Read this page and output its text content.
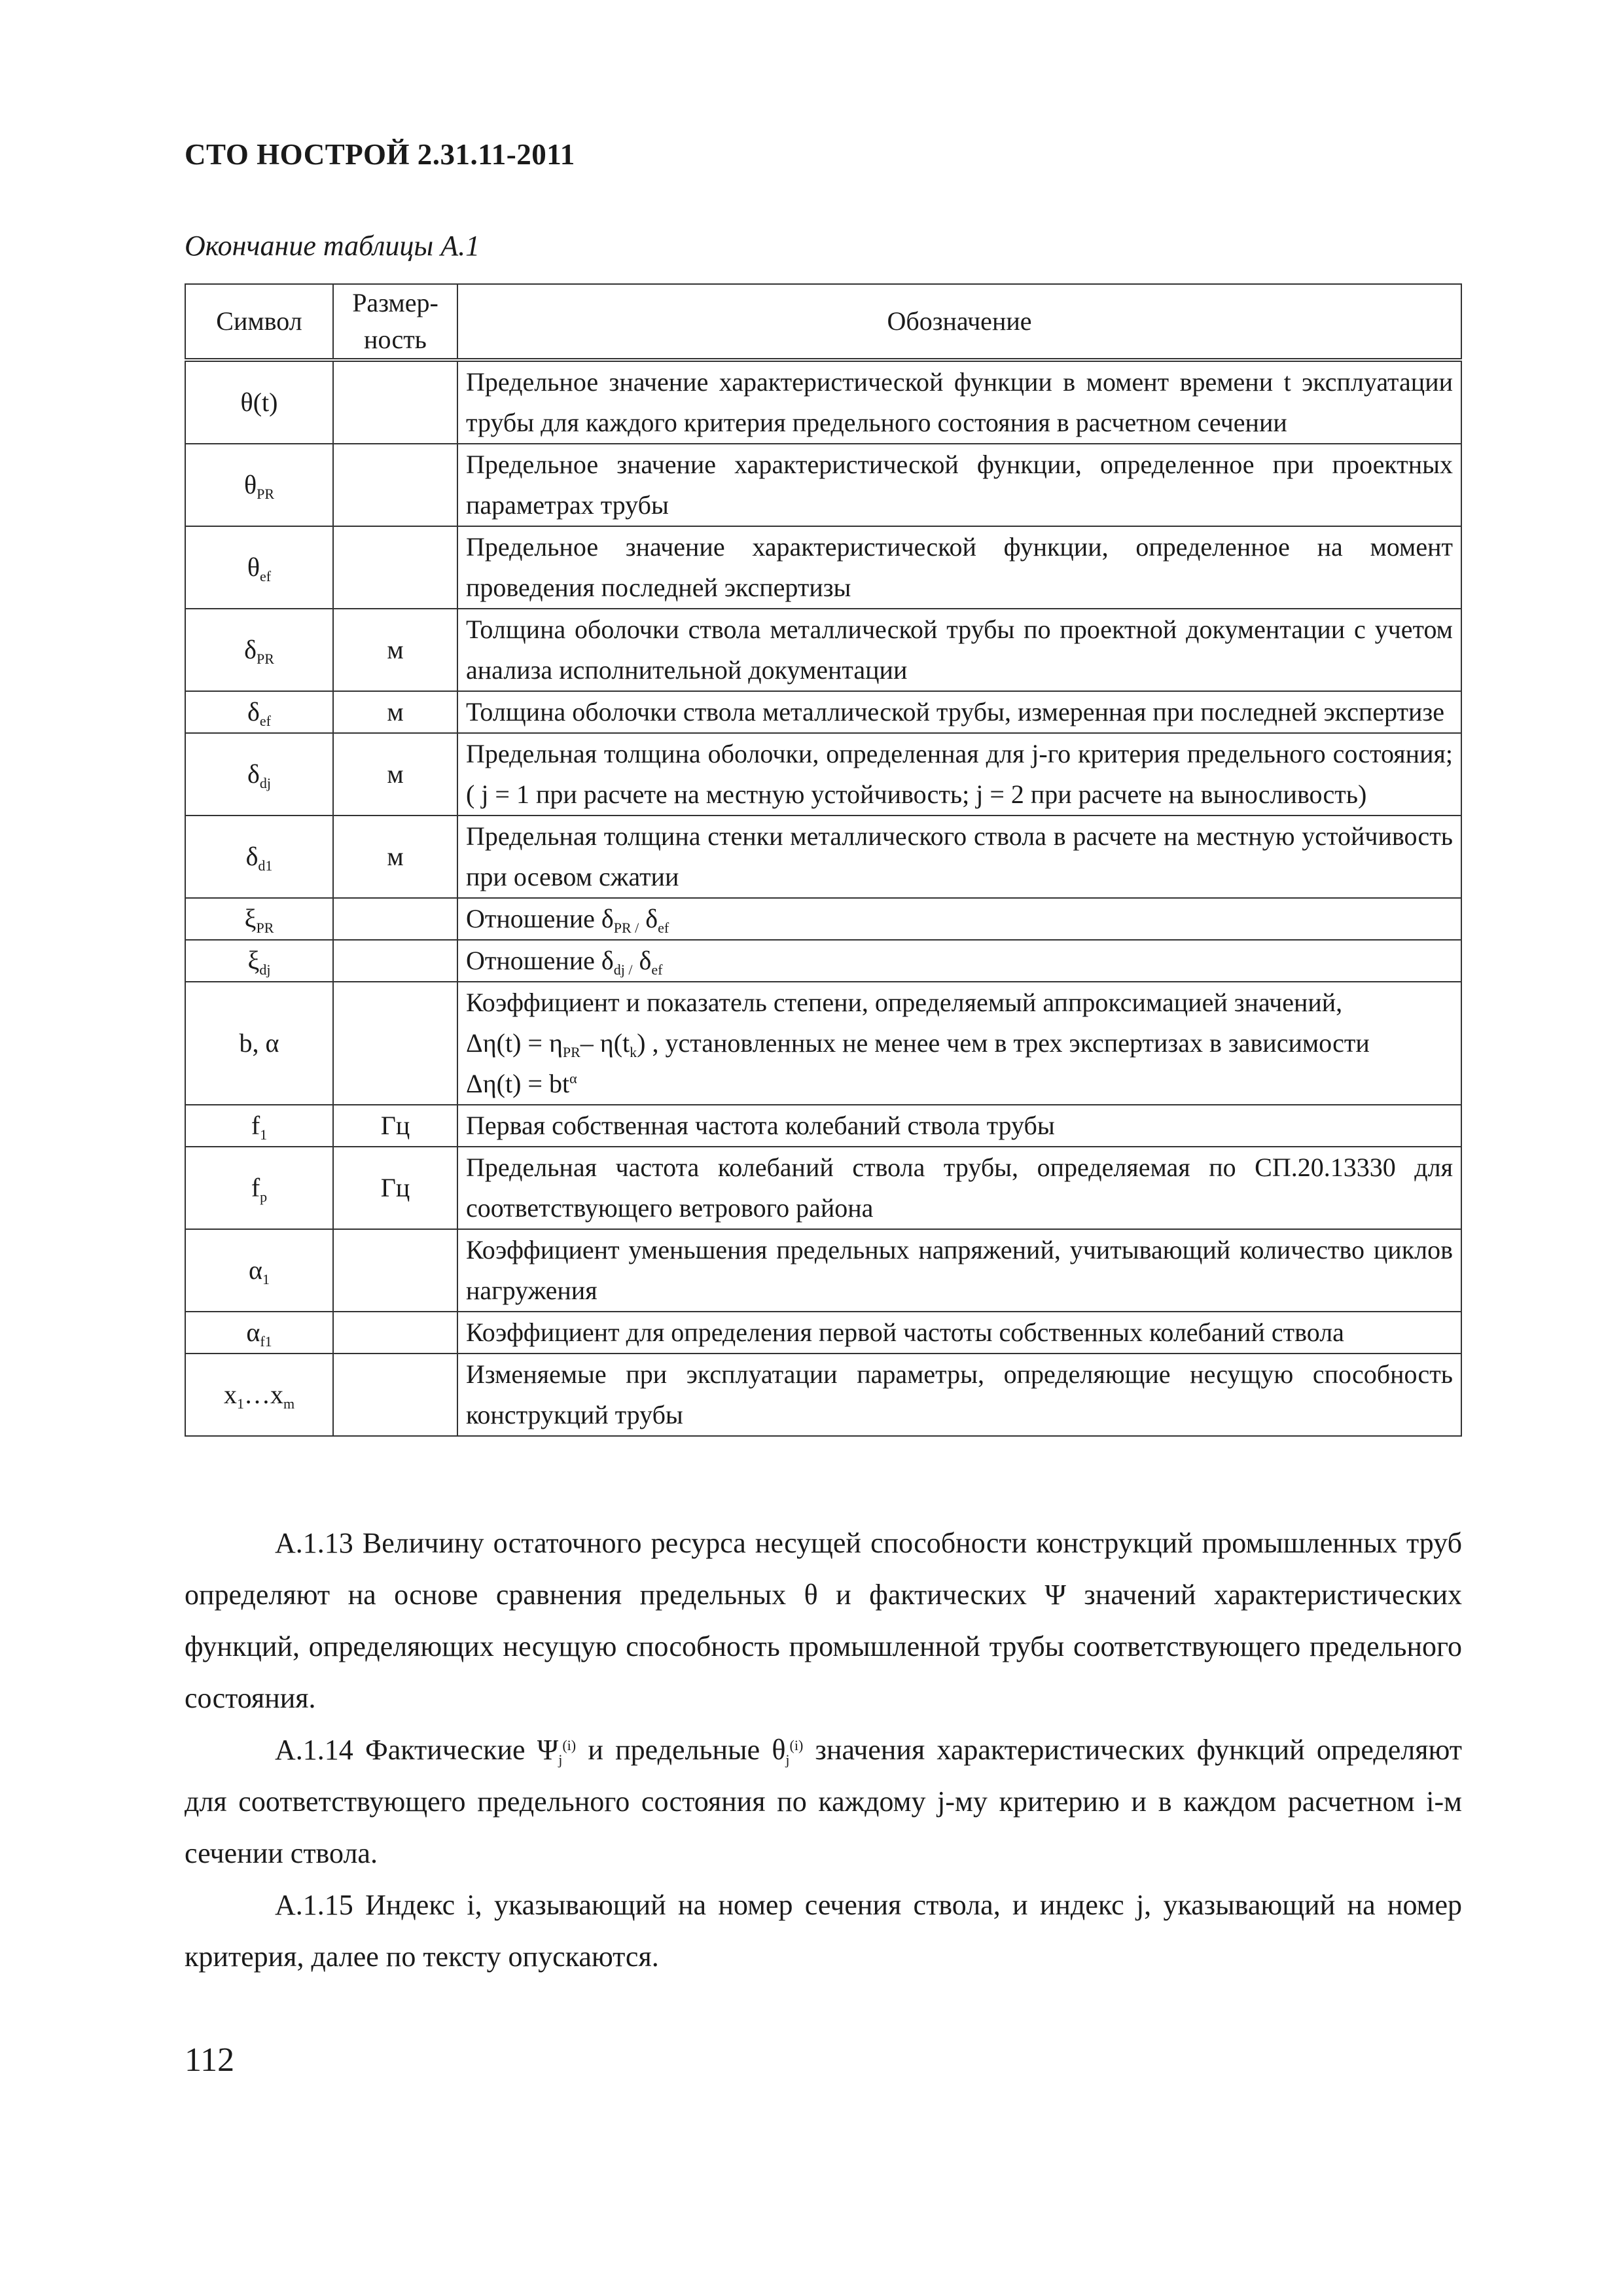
СТО НОСТРОЙ 2.31.11-2011
Окончание таблицы А.1
Символ	Размер-ность	Обозначение
θ(t)		Предельное значение характеристической функции в момент времени t эксплуатации трубы для каждого критерия предельного состояния в расчетном сечении
$\theta_{PR}$		Предельное значение характеристической функции, определенное при проектных параметрах трубы
$\theta_{ef}$		Предельное значение характеристической функции, определенное на момент проведения последней экспертизы
$\delta_{PR}$	м	Толщина оболочки ствола металлической трубы по проектной документации с учетом анализа исполнительной документации
$\delta_{ef}$	м	Толщина оболочки ствола металлической трубы, измеренная при последней экспертизе
$\delta_{dj}$	м	Предельная толщина оболочки, определенная для j-го критерия предельного состояния; ( j = 1 при расчете на местную устойчивость; j = 2 при расчете на выносливость)
$\delta_{d1}$	м	Предельная толщина стенки металлического ствола в расчете на местную устойчивость при осевом сжатии
$\xi_{PR}$		Отношение $\delta_{PR /}$ $\delta_{ef}$
$\xi_{dj}$		Отношение $\delta_{dj /}$ $\delta_{ef}$
b, α		Коэффициент и показатель степени, определяемый аппроксимацией значений,
$\Delta\eta(t) = \eta_{PR}-$ $\eta(t_k)$ , установленных не менее чем в трех экспертизах в зависимости
$\Delta\eta(t) = bt^\alpha$

$f_1$	Гц	Первая собственная частота колебаний ствола трубы
$f_p$	Гц	Предельная частота колебаний ствола трубы, определяемая по СП.20.13330 для соответствующего ветрового района
$\alpha_1$		Коэффициент уменьшения предельных напряжений, учитывающий количество циклов нагружения
$\alpha_{f1}$		Коэффициент для определения первой частоты собственных колебаний ствола
$x_1\dots x_m$		Изменяемые при эксплуатации параметры, определяющие несущую способность конструкций трубы

А.1.13 Величину остаточного ресурса несущей способности конструкций промышленных труб определяют на основе сравнения предельных θ и фактических Ψ значений характеристических функций, определяющих несущую способность промышленной трубы соответствующего предельного состояния.

А.1.14 Фактические $\Psi_j^{(i)}$ и предельные $\theta_j^{(i)}$ значения характеристических функций определяют для соответствующего предельного состояния по каждому j-му критерию и в каждом расчетном i-м сечении ствола.

А.1.15 Индекс i, указывающий на номер сечения ствола, и индекс j, указывающий на номер критерия, далее по тексту опускаются.

112
